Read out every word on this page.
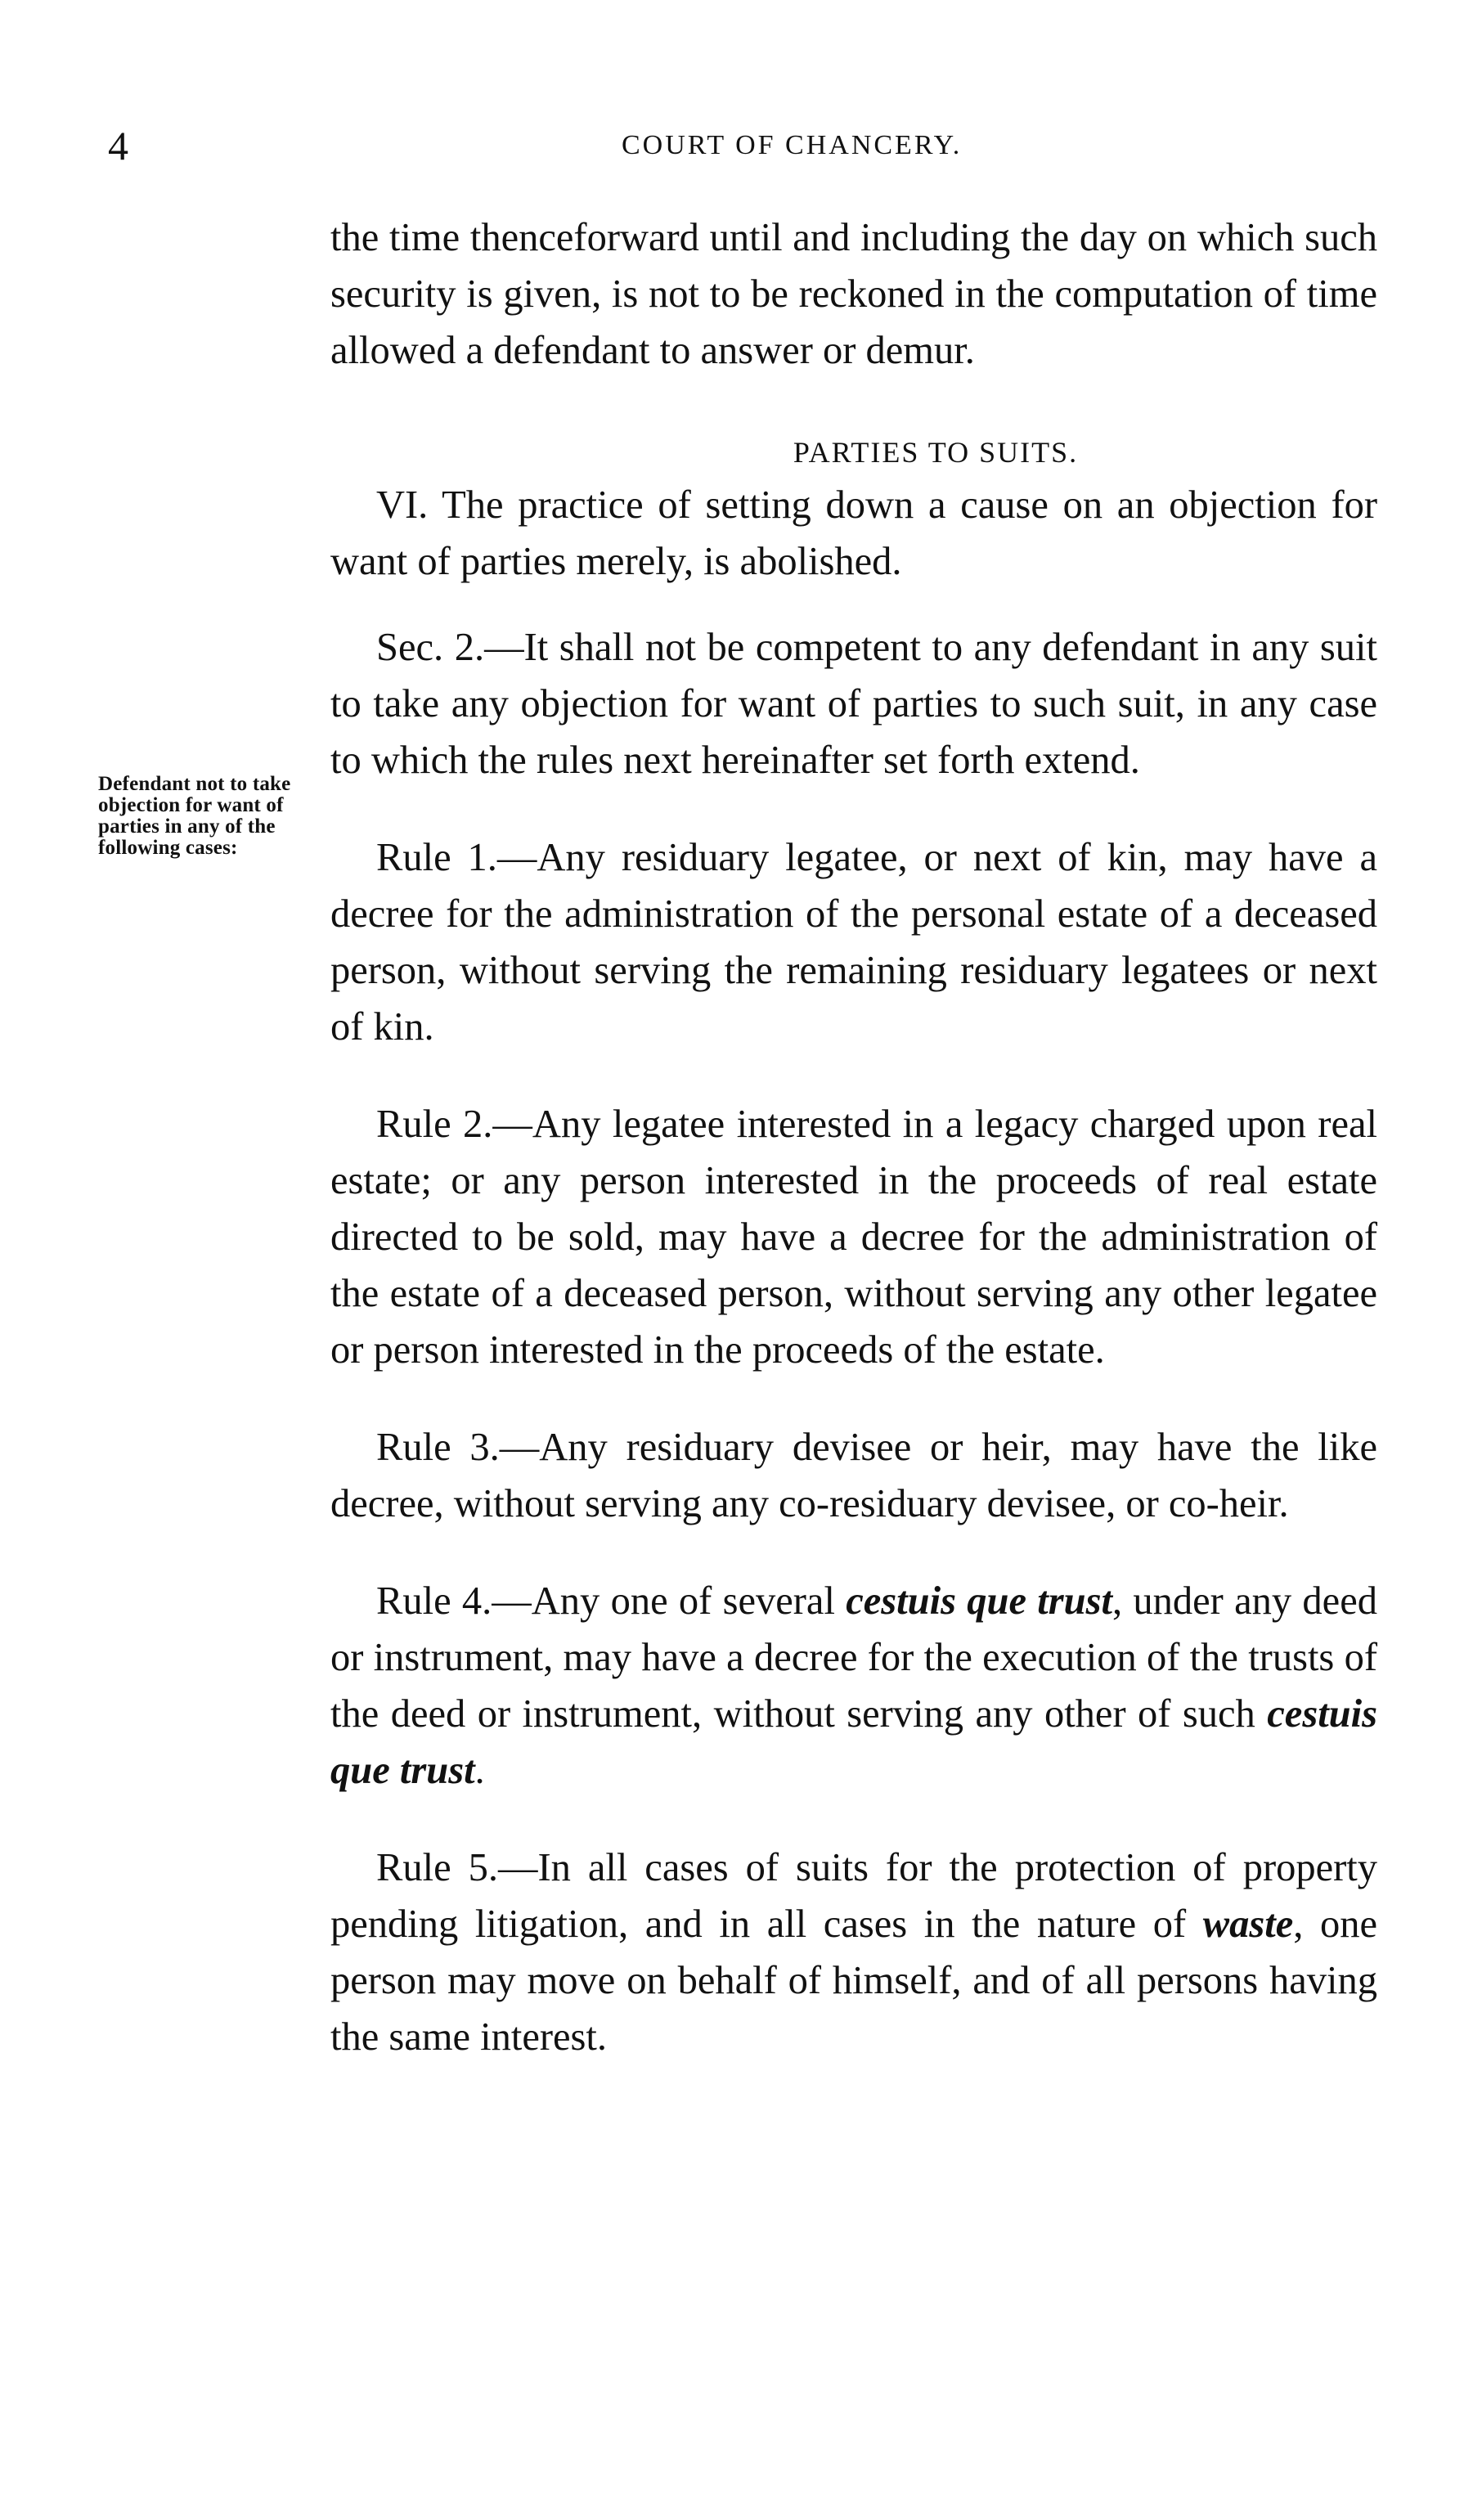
4	COURT OF CHANCERY.
Defendant not to take objection for want of parties in any of the following cases:

the time thenceforward until and including the day on which such security is given, is not to be reckoned in the computation of time allowed a defendant to answer or demur.

PARTIES TO SUITS.

VI. The practice of setting down a cause on an objection for want of parties merely, is abolished.

Sec. 2.—It shall not be competent to any defendant in any suit to take any objection for want of parties to such suit, in any case to which the rules next hereinafter set forth extend.

Rule 1.—Any residuary legatee, or next of kin, may have a decree for the administration of the personal estate of a deceased person, without serving the remaining residuary legatees or next of kin.

Rule 2.—Any legatee interested in a legacy charged upon real estate; or any person interested in the proceeds of real estate directed to be sold, may have a decree for the administration of the estate of a deceased person, without serving any other legatee or person interested in the proceeds of the estate.

Rule 3.—Any residuary devisee or heir, may have the like decree, without serving any co-residuary devisee, or co-heir.

Rule 4.—Any one of several cestuis que trust, under any deed or instrument, may have a decree for the execution of the trusts of the deed or instrument, without serving any other of such cestuis que trust.

Rule 5.—In all cases of suits for the protection of property pending litigation, and in all cases in the nature of waste, one person may move on behalf of himself, and of all persons having the same interest.
